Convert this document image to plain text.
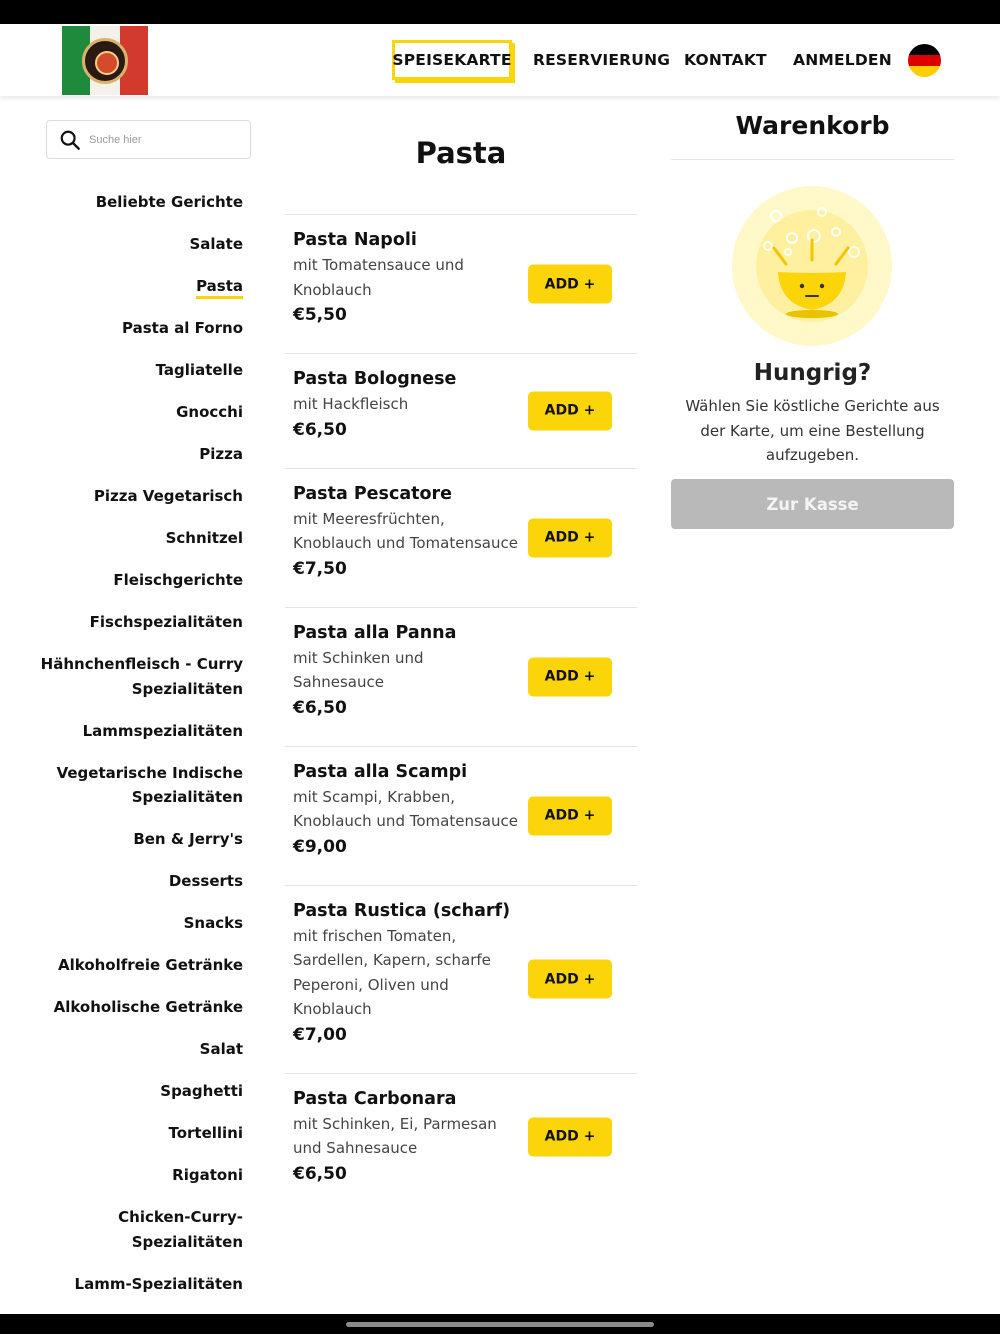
SPEISEKARTE RESERVIERUNG KONTAKT ANMELDEN
Suche hier
Beliebte Gerichte
Salate
Pasta
Pasta al Forno
Tagliatelle
Gnocchi
Pizza
Pizza Vegetarisch
Schnitzel
Fleischgerichte
Fischspezialitäten
Hähnchenfleisch - Curry Spezialitäten
Lammspezialitäten
Vegetarische Indische Spezialitäten
Ben & Jerry's
Desserts
Snacks
Alkoholfreie Getränke
Alkoholische Getränke
Salat
Spaghetti
Tortellini
Rigatoni
Chicken-Curry-Spezialitäten
Lamm-Spezialitäten
Pasta
Pasta Napoli
mit Tomatensauce und Knoblauch
€5,50
ADD +
Pasta Bolognese
mit Hackfleisch
€6,50
ADD +
Pasta Pescatore
mit Meeresfrüchten, Knoblauch und Tomatensauce
€7,50
ADD +
Pasta alla Panna
mit Schinken und Sahnesauce
€6,50
ADD +
Pasta alla Scampi
mit Scampi, Krabben, Knoblauch und Tomatensauce
€9,00
ADD +
Pasta Rustica (scharf)
mit frischen Tomaten, Sardellen, Kapern, scharfe Peperoni, Oliven und Knoblauch
€7,00
ADD +
Pasta Carbonara
mit Schinken, Ei, Parmesan und Sahnesauce
€6,50
ADD +
Warenkorb
Hungrig?

Wählen Sie köstliche Gerichte aus der Karte, um eine Bestellung aufzugeben.

Zur Kasse
